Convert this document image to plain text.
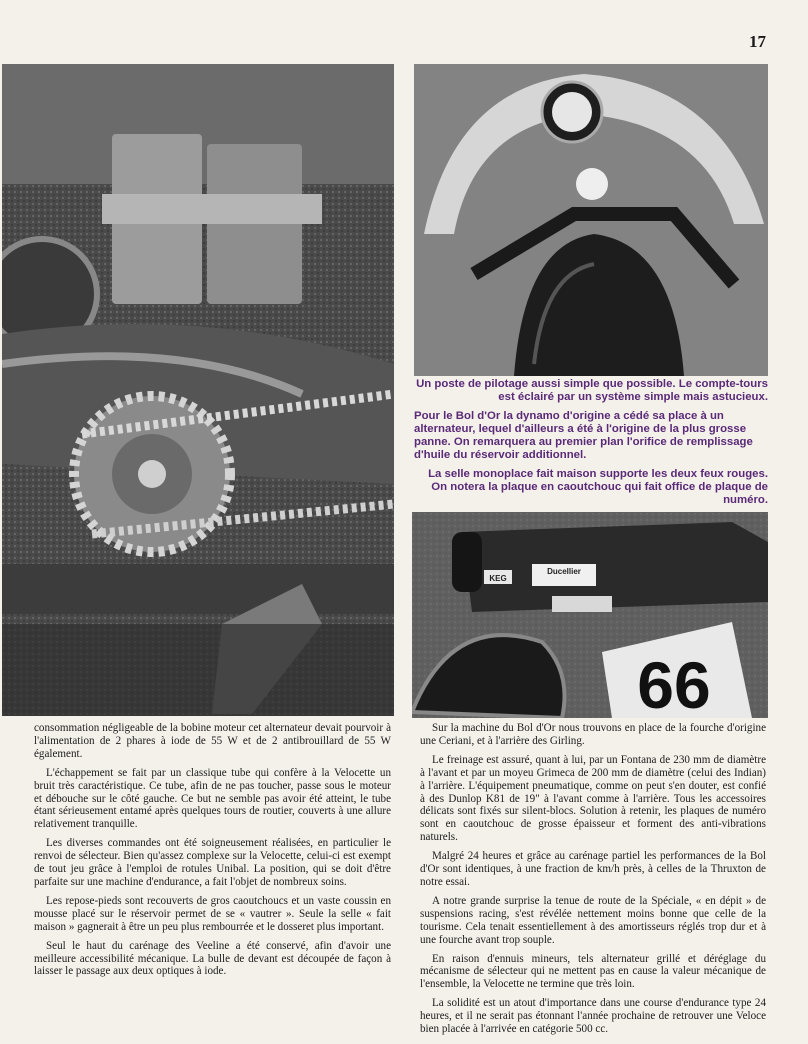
17

Un poste de pilotage aussi simple que possible. Le compte-tours est éclairé par un système simple mais astucieux.

Pour le Bol d'Or la dynamo d'origine a cédé sa place à un alternateur, lequel d'ailleurs a été à l'origine de la plus grosse panne. On remarquera au premier plan l'orifice de remplissage d'huile du réservoir additionnel.

La selle monoplace fait maison supporte les deux feux rouges. On notera la plaque en caoutchouc qui fait office de plaque de numéro.

KEG
Ducellier
66

consommation négligeable de la bobine moteur cet alternateur devait pourvoir à l'alimentation de 2 phares à iode de 55 W et de 2 antibrouillard de 55 W également.

L'échappement se fait par un classique tube qui confère à la Velocette un bruit très caractéristique. Ce tube, afin de ne pas toucher, passe sous le moteur et débouche sur le côté gauche. Ce but ne semble pas avoir été atteint, le tube étant sérieusement entamé après quelques tours de routier, couverts à une allure relativement tranquille.

Les diverses commandes ont été soigneusement réalisées, en particulier le renvoi de sélecteur. Bien qu'assez complexe sur la Velocette, celui-ci est exempt de tout jeu grâce à l'emploi de rotules Unibal. La position, qui se doit d'être parfaite sur une machine d'endurance, a fait l'objet de nombreux soins.

Les repose-pieds sont recouverts de gros caoutchoucs et un vaste coussin en mousse placé sur le réservoir permet de se « vautrer ». Seule la selle « fait maison » gagnerait à être un peu plus rembourrée et le dosseret plus important.

Seul le haut du carénage des Veeline a été conservé, afin d'avoir une meilleure accessibilité mécanique. La bulle de devant est découpée de façon à laisser le passage aux deux optiques à iode.

Sur la machine du Bol d'Or nous trouvons en place de la fourche d'origine une Ceriani, et à l'arrière des Girling.

Le freinage est assuré, quant à lui, par un Fontana de 230 mm de diamètre à l'avant et par un moyeu Grimeca de 200 mm de diamètre (celui des Indian) à l'arrière. L'équipement pneumatique, comme on peut s'en douter, est confié à des Dunlop K81 de 19" à l'avant comme à l'arrière. Tous les accessoires délicats sont fixés sur silent-blocs. Solution à retenir, les plaques de numéro sont en caoutchouc de grosse épaisseur et forment des anti-vibrations naturels.

Malgré 24 heures et grâce au carénage partiel les performances de la Bol d'Or sont identiques, à une fraction de km/h près, à celles de la Thruxton de notre essai.

A notre grande surprise la tenue de route de la Spéciale, « en dépit » de suspensions racing, s'est révélée nettement moins bonne que celle de la tourisme. Cela tenait essentiellement à des amortisseurs réglés trop dur et à une fourche avant trop souple.

En raison d'ennuis mineurs, tels alternateur grillé et déréglage du mécanisme de sélecteur qui ne mettent pas en cause la valeur mécanique de l'ensemble, la Velocette ne termine que très loin.

La solidité est un atout d'importance dans une course d'endurance type 24 heures, et il ne serait pas étonnant l'année prochaine de retrouver une Veloce bien placée à l'arrivée en catégorie 500 cc.
